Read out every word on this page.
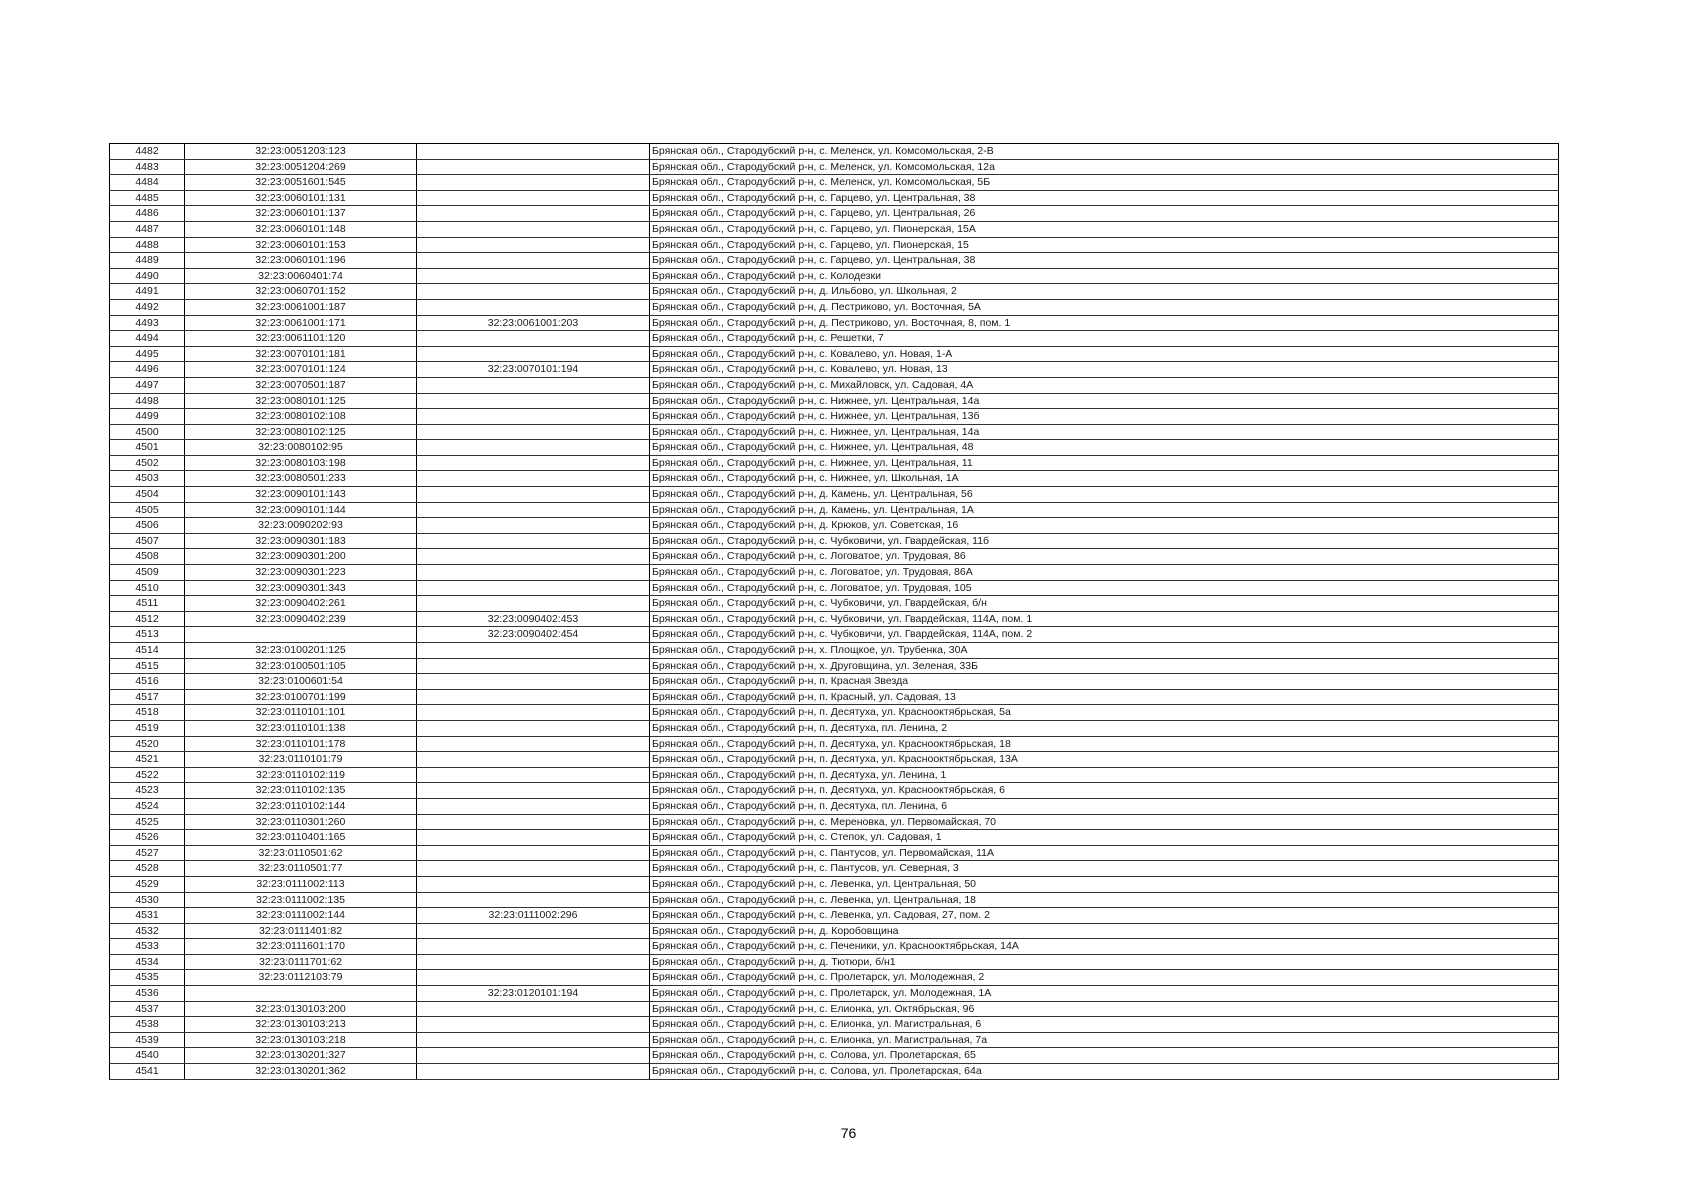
4482	32:23:0051203:123		Брянская обл., Стародубский р-н, с. Меленск, ул. Комсомольская, 2-В
4483	32:23:0051204:269		Брянская обл., Стародубский р-н, с. Меленск, ул. Комсомольская, 12а
4484	32:23:0051601:545		Брянская обл., Стародубский р-н, с. Меленск, ул. Комсомольская, 5Б
4485	32:23:0060101:131		Брянская обл., Стародубский р-н, с. Гарцево, ул. Центральная, 38
4486	32:23:0060101:137		Брянская обл., Стародубский р-н, с. Гарцево, ул. Центральная, 26
4487	32:23:0060101:148		Брянская обл., Стародубский р-н, с. Гарцево, ул. Пионерская, 15А
4488	32:23:0060101:153		Брянская обл., Стародубский р-н, с. Гарцево, ул. Пионерская, 15
4489	32:23:0060101:196		Брянская обл., Стародубский р-н, с. Гарцево, ул. Центральная, 38
4490	32:23:0060401:74		Брянская обл., Стародубский р-н, с. Колодезки
4491	32:23:0060701:152		Брянская обл., Стародубский р-н, д. Ильбово, ул. Школьная, 2
4492	32:23:0061001:187		Брянская обл., Стародубский р-н, д. Пестриково, ул. Восточная, 5А
4493	32:23:0061001:171	32:23:0061001:203	Брянская обл., Стародубский р-н, д. Пестриково, ул. Восточная, 8, пом. 1
4494	32:23:0061101:120		Брянская обл., Стародубский р-н, с. Решетки, 7
4495	32:23:0070101:181		Брянская обл., Стародубский р-н, с. Ковалево, ул. Новая, 1-А
4496	32:23:0070101:124	32:23:0070101:194	Брянская обл., Стародубский р-н, с. Ковалево, ул. Новая, 13
4497	32:23:0070501:187		Брянская обл., Стародубский р-н, с. Михайловск, ул. Садовая, 4А
4498	32:23:0080101:125		Брянская обл., Стародубский р-н, с. Нижнее, ул. Центральная, 14а
4499	32:23:0080102:108		Брянская обл., Стародубский р-н, с. Нижнее, ул. Центральная, 13б
4500	32:23:0080102:125		Брянская обл., Стародубский р-н, с. Нижнее, ул. Центральная, 14а
4501	32:23:0080102:95		Брянская обл., Стародубский р-н, с. Нижнее, ул. Центральная, 48
4502	32:23:0080103:198		Брянская обл., Стародубский р-н, с. Нижнее, ул. Центральная, 11
4503	32:23:0080501:233		Брянская обл., Стародубский р-н, с. Нижнее, ул. Школьная, 1А
4504	32:23:0090101:143		Брянская обл., Стародубский р-н, д. Камень, ул. Центральная, 56
4505	32:23:0090101:144		Брянская обл., Стародубский р-н, д. Камень, ул. Центральная, 1А
4506	32:23:0090202:93		Брянская обл., Стародубский р-н, д. Крюков, ул. Советская, 16
4507	32:23:0090301:183		Брянская обл., Стародубский р-н, с. Чубковичи, ул. Гвардейская, 11б
4508	32:23:0090301:200		Брянская обл., Стародубский р-н, с. Логоватое, ул. Трудовая, 86
4509	32:23:0090301:223		Брянская обл., Стародубский р-н, с. Логоватое, ул. Трудовая, 86А
4510	32:23:0090301:343		Брянская обл., Стародубский р-н, с. Логоватое, ул. Трудовая, 105
4511	32:23:0090402:261		Брянская обл., Стародубский р-н, с. Чубковичи, ул. Гвардейская, б/н
4512	32:23:0090402:239	32:23:0090402:453	Брянская обл., Стародубский р-н, с. Чубковичи, ул. Гвардейская, 114А, пом. 1
4513		32:23:0090402:454	Брянская обл., Стародубский р-н, с. Чубковичи, ул. Гвардейская, 114А, пом. 2
4514	32:23:0100201:125		Брянская обл., Стародубский р-н, х. Площкое, ул. Трубенка, 30А
4515	32:23:0100501:105		Брянская обл., Стародубский р-н, х. Друговщина, ул. Зеленая, 33Б
4516	32:23:0100601:54		Брянская обл., Стародубский р-н, п. Красная Звезда
4517	32:23:0100701:199		Брянская обл., Стародубский р-н, п. Красный, ул. Садовая, 13
4518	32:23:0110101:101		Брянская обл., Стародубский р-н, п. Десятуха, ул. Краснооктябрьская, 5а
4519	32:23:0110101:138		Брянская обл., Стародубский р-н, п. Десятуха, пл. Ленина, 2
4520	32:23:0110101:178		Брянская обл., Стародубский р-н, п. Десятуха, ул. Краснооктябрьская, 18
4521	32:23:0110101:79		Брянская обл., Стародубский р-н, п. Десятуха, ул. Краснооктябрьская, 13А
4522	32:23:0110102:119		Брянская обл., Стародубский р-н, п. Десятуха, ул. Ленина, 1
4523	32:23:0110102:135		Брянская обл., Стародубский р-н, п. Десятуха, ул. Краснооктябрьская, 6
4524	32:23:0110102:144		Брянская обл., Стародубский р-н, п. Десятуха, пл. Ленина, 6
4525	32:23:0110301:260		Брянская обл., Стародубский р-н, с. Мереновка, ул. Первомайская, 70
4526	32:23:0110401:165		Брянская обл., Стародубский р-н, с. Степок, ул. Садовая, 1
4527	32:23:0110501:62		Брянская обл., Стародубский р-н, с. Пантусов, ул. Первомайская, 11А
4528	32:23:0110501:77		Брянская обл., Стародубский р-н, с. Пантусов, ул. Северная, 3
4529	32:23:0111002:113		Брянская обл., Стародубский р-н, с. Левенка, ул. Центральная, 50
4530	32:23:0111002:135		Брянская обл., Стародубский р-н, с. Левенка, ул. Центральная, 18
4531	32:23:0111002:144	32:23:0111002:296	Брянская обл., Стародубский р-н, с. Левенка, ул. Садовая, 27, пом. 2
4532	32:23:0111401:82		Брянская обл., Стародубский р-н, д. Коробовщина
4533	32:23:0111601:170		Брянская обл., Стародубский р-н, с. Печеники, ул. Краснооктябрьская, 14А
4534	32:23:0111701:62		Брянская обл., Стародубский р-н, д. Тютюри, б/н1
4535	32:23:0112103:79		Брянская обл., Стародубский р-н, с. Пролетарск, ул. Молодежная, 2
4536		32:23:0120101:194	Брянская обл., Стародубский р-н, с. Пролетарск, ул. Молодежная, 1А
4537	32:23:0130103:200		Брянская обл., Стародубский р-н, с. Елионка, ул. Октябрьская, 96
4538	32:23:0130103:213		Брянская обл., Стародубский р-н, с. Елионка, ул. Магистральная, 6
4539	32:23:0130103:218		Брянская обл., Стародубский р-н, с. Елионка, ул. Магистральная, 7а
4540	32:23:0130201:327		Брянская обл., Стародубский р-н, с. Солова, ул. Пролетарская, 65
4541	32:23:0130201:362		Брянская обл., Стародубский р-н, с. Солова, ул. Пролетарская, 64а
76
